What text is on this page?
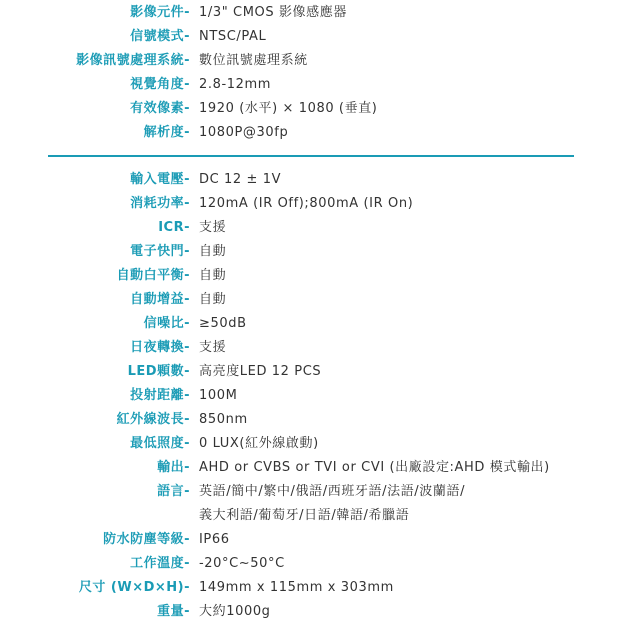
影像元件- 1/3" CMOS 影像感應器
信號模式- NTSC/PAL
影像訊號處理系統- 數位訊號處理系統
視覺角度- 2.8-12mm
有效像素- 1920 (水平) × 1080 (垂直)
解析度- 1080P@30fp
輸入電壓- DC 12 ± 1V
消耗功率- 120mA (IR Off);800mA (IR On)
ICR- 支援
電子快門- 自動
自動白平衡- 自動
自動增益- 自動
信噪比- ≥50dB
日夜轉換- 支援
LED顆數- 高亮度LED 12 PCS
投射距離- 100M
紅外線波長- 850nm
最低照度- 0 LUX(紅外線啟動)
輸出- AHD or CVBS or TVI or CVI (出廠設定:AHD 模式輸出)
語言- 英語/簡中/繁中/俄語/西班牙語/法語/波蘭語/
義大利語/葡萄牙/日語/韓語/希臘語
防水防塵等級- IP66
工作溫度- -20°C~50°C
尺寸 (W×D×H)- 149mm x 115mm x 303mm
重量- 大約1000g
